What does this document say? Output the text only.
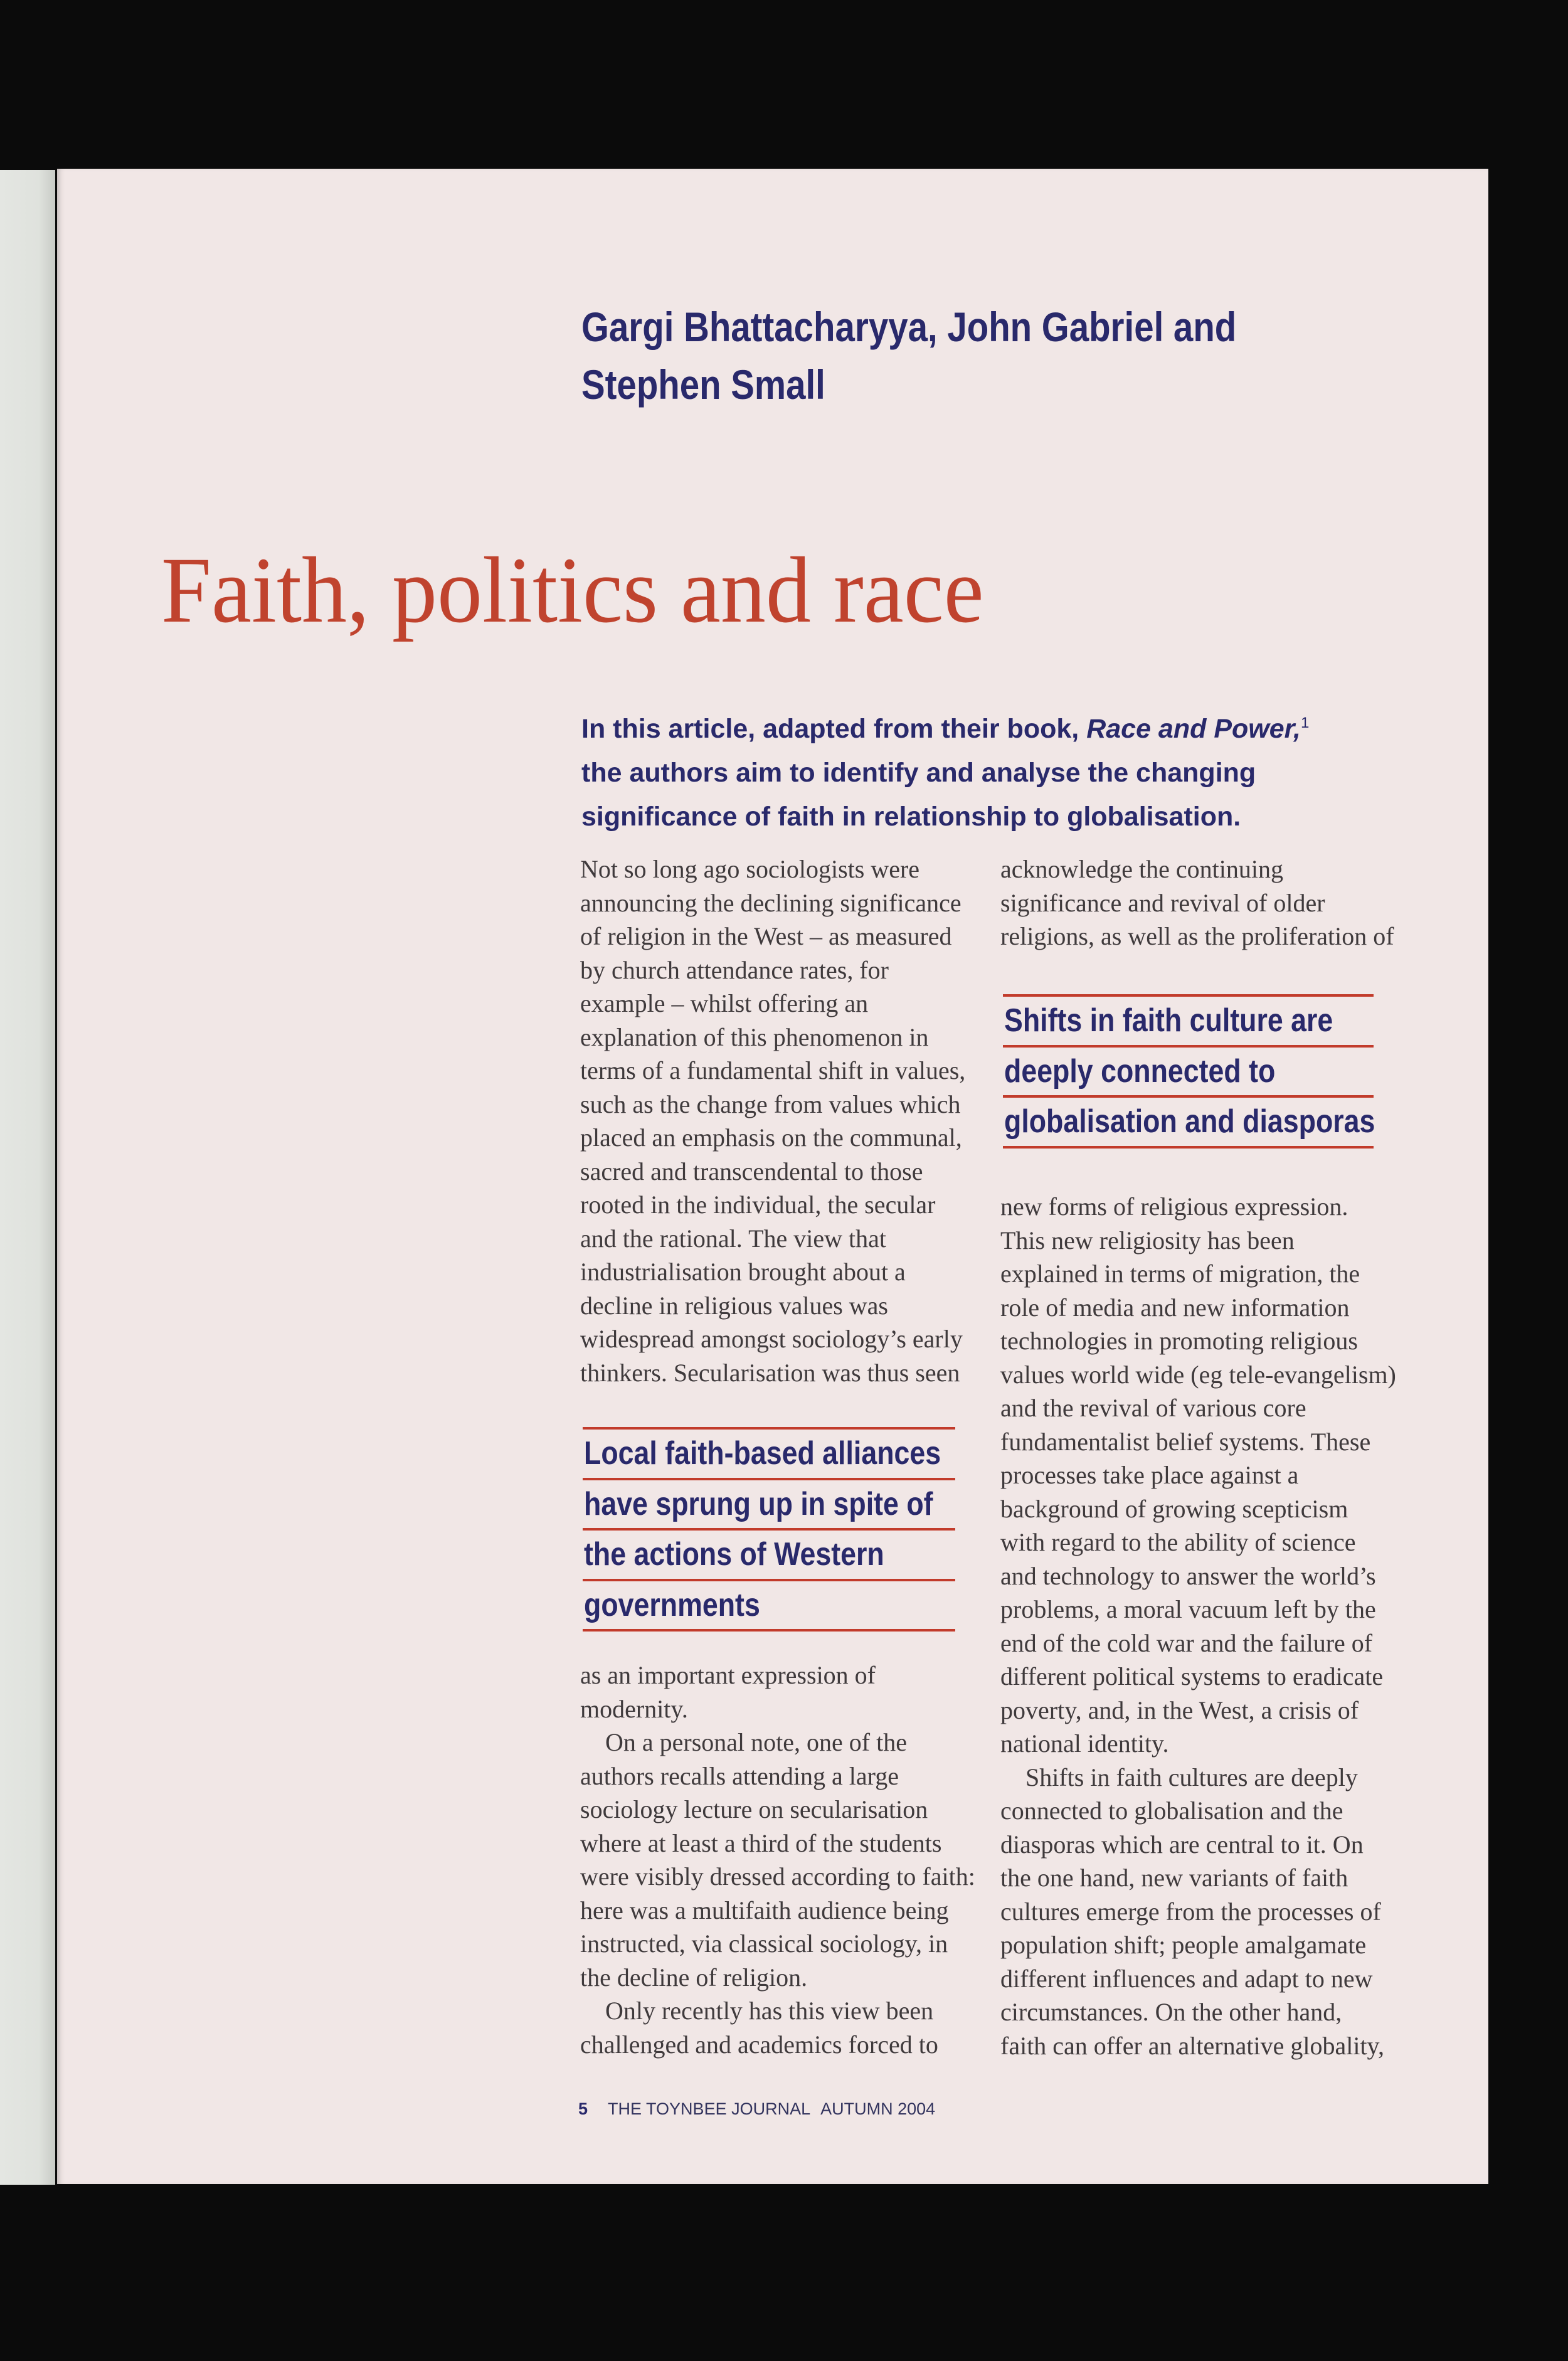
Gargi Bhattacharyya, John Gabriel and
Stephen Small
Faith, politics and race
In this article, adapted from their book, Race and Power,$^1$
the authors aim to identify and analyse the changing
significance of faith in relationship to globalisation.
Not so long ago sociologists were
announcing the declining significance
of religion in the West – as measured
by church attendance rates, for
example – whilst offering an
explanation of this phenomenon in
terms of a fundamental shift in values,
such as the change from values which
placed an emphasis on the communal,
sacred and transcendental to those
rooted in the individual, the secular
and the rational. The view that
industrialisation brought about a
decline in religious values was
widespread amongst sociology’s early
thinkers. Secularisation was thus seen
Local faith-based alliances
have sprung up in spite of
the actions of Western
governments
as an important expression of
modernity.
On a personal note, one of the
authors recalls attending a large
sociology lecture on secularisation
where at least a third of the students
were visibly dressed according to faith:
here was a multifaith audience being
instructed, via classical sociology, in
the decline of religion.
Only recently has this view been
challenged and academics forced to
acknowledge the continuing
significance and revival of older
religions, as well as the proliferation of
Shifts in faith culture are
deeply connected to
globalisation and diasporas
new forms of religious expression.
This new religiosity has been
explained in terms of migration, the
role of media and new information
technologies in promoting religious
values world wide (eg tele-evangelism)
and the revival of various core
fundamentalist belief systems. These
processes take place against a
background of growing scepticism
with regard to the ability of science
and technology to answer the world’s
problems, a moral vacuum left by the
end of the cold war and the failure of
different political systems to eradicate
poverty, and, in the West, a crisis of
national identity.
Shifts in faith cultures are deeply
connected to globalisation and the
diasporas which are central to it. On
the one hand, new variants of faith
cultures emerge from the processes of
population shift; people amalgamate
different influences and adapt to new
circumstances. On the other hand,
faith can offer an alternative globality,
5 THE TOYNBEE JOURNAL AUTUMN 2004
